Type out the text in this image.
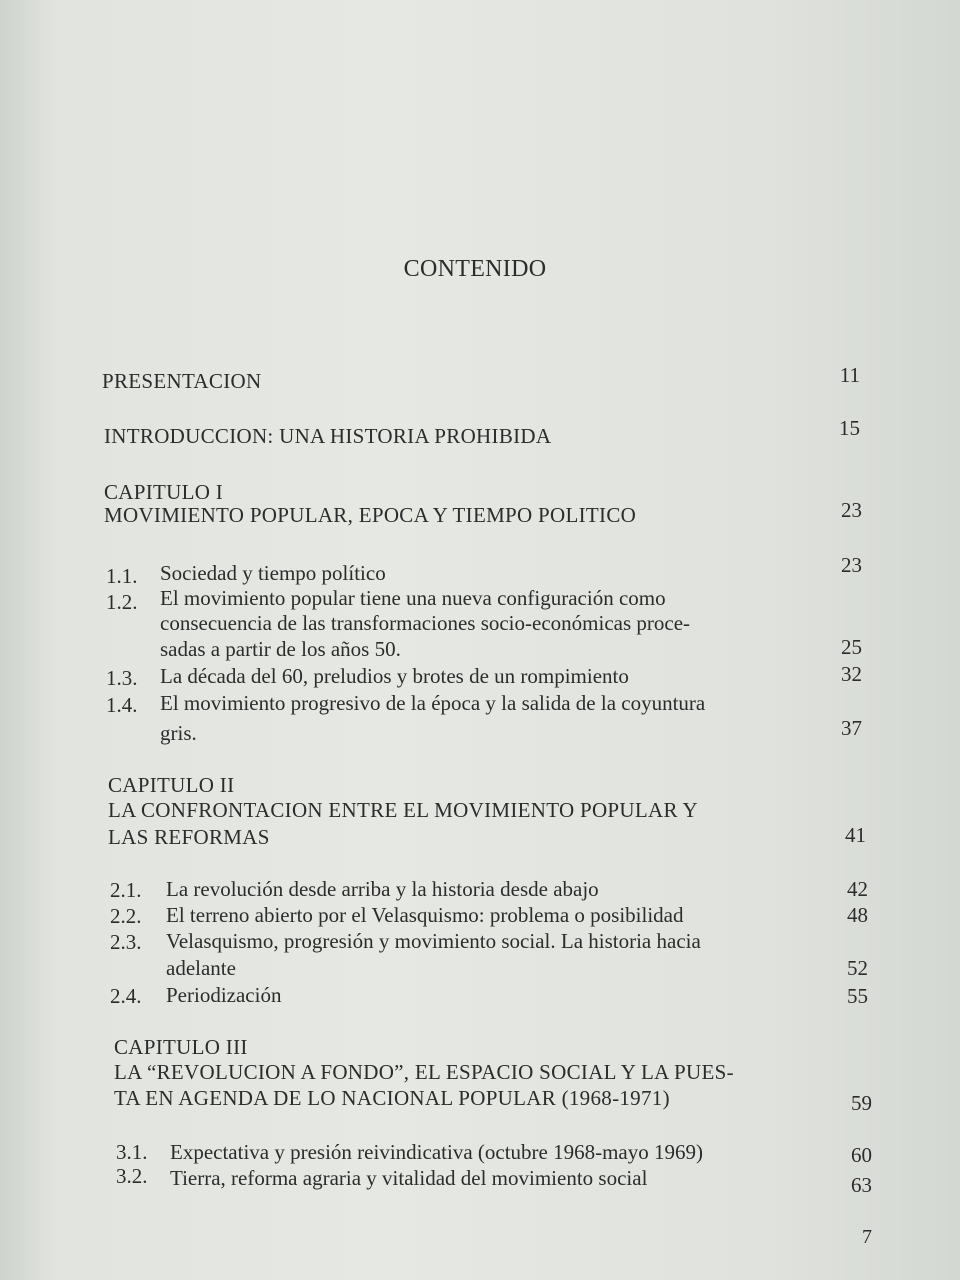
CONTENIDO
PRESENTACION	11
INTRODUCCION: UNA HISTORIA PROHIBIDA	15
CAPITULO I
MOVIMIENTO POPULAR, EPOCA Y TIEMPO POLITICO	23
1.1. Sociedad y tiempo político	23
1.2. El movimiento popular tiene una nueva configuración como
consecuencia de las transformaciones socio-económicas proce-
sadas a partir de los años 50.	25
1.3. La década del 60, preludios y brotes de un rompimiento	32
1.4. El movimiento progresivo de la época y la salida de la coyuntura
gris.	37
CAPITULO II
LA CONFRONTACION ENTRE EL MOVIMIENTO POPULAR Y
LAS REFORMAS	41
2.1. La revolución desde arriba y la historia desde abajo	42
2.2. El terreno abierto por el Velasquismo: problema o posibilidad	48
2.3. Velasquismo, progresión y movimiento social. La historia hacia
adelante	52
2.4. Periodización	55
CAPITULO III
LA “REVOLUCION A FONDO”, EL ESPACIO SOCIAL Y LA PUES-
TA EN AGENDA DE LO NACIONAL POPULAR (1968-1971)	59
3.1. Expectativa y presión reivindicativa (octubre 1968-mayo 1969)	60
3.2. Tierra, reforma agraria y vitalidad del movimiento social	63
7
